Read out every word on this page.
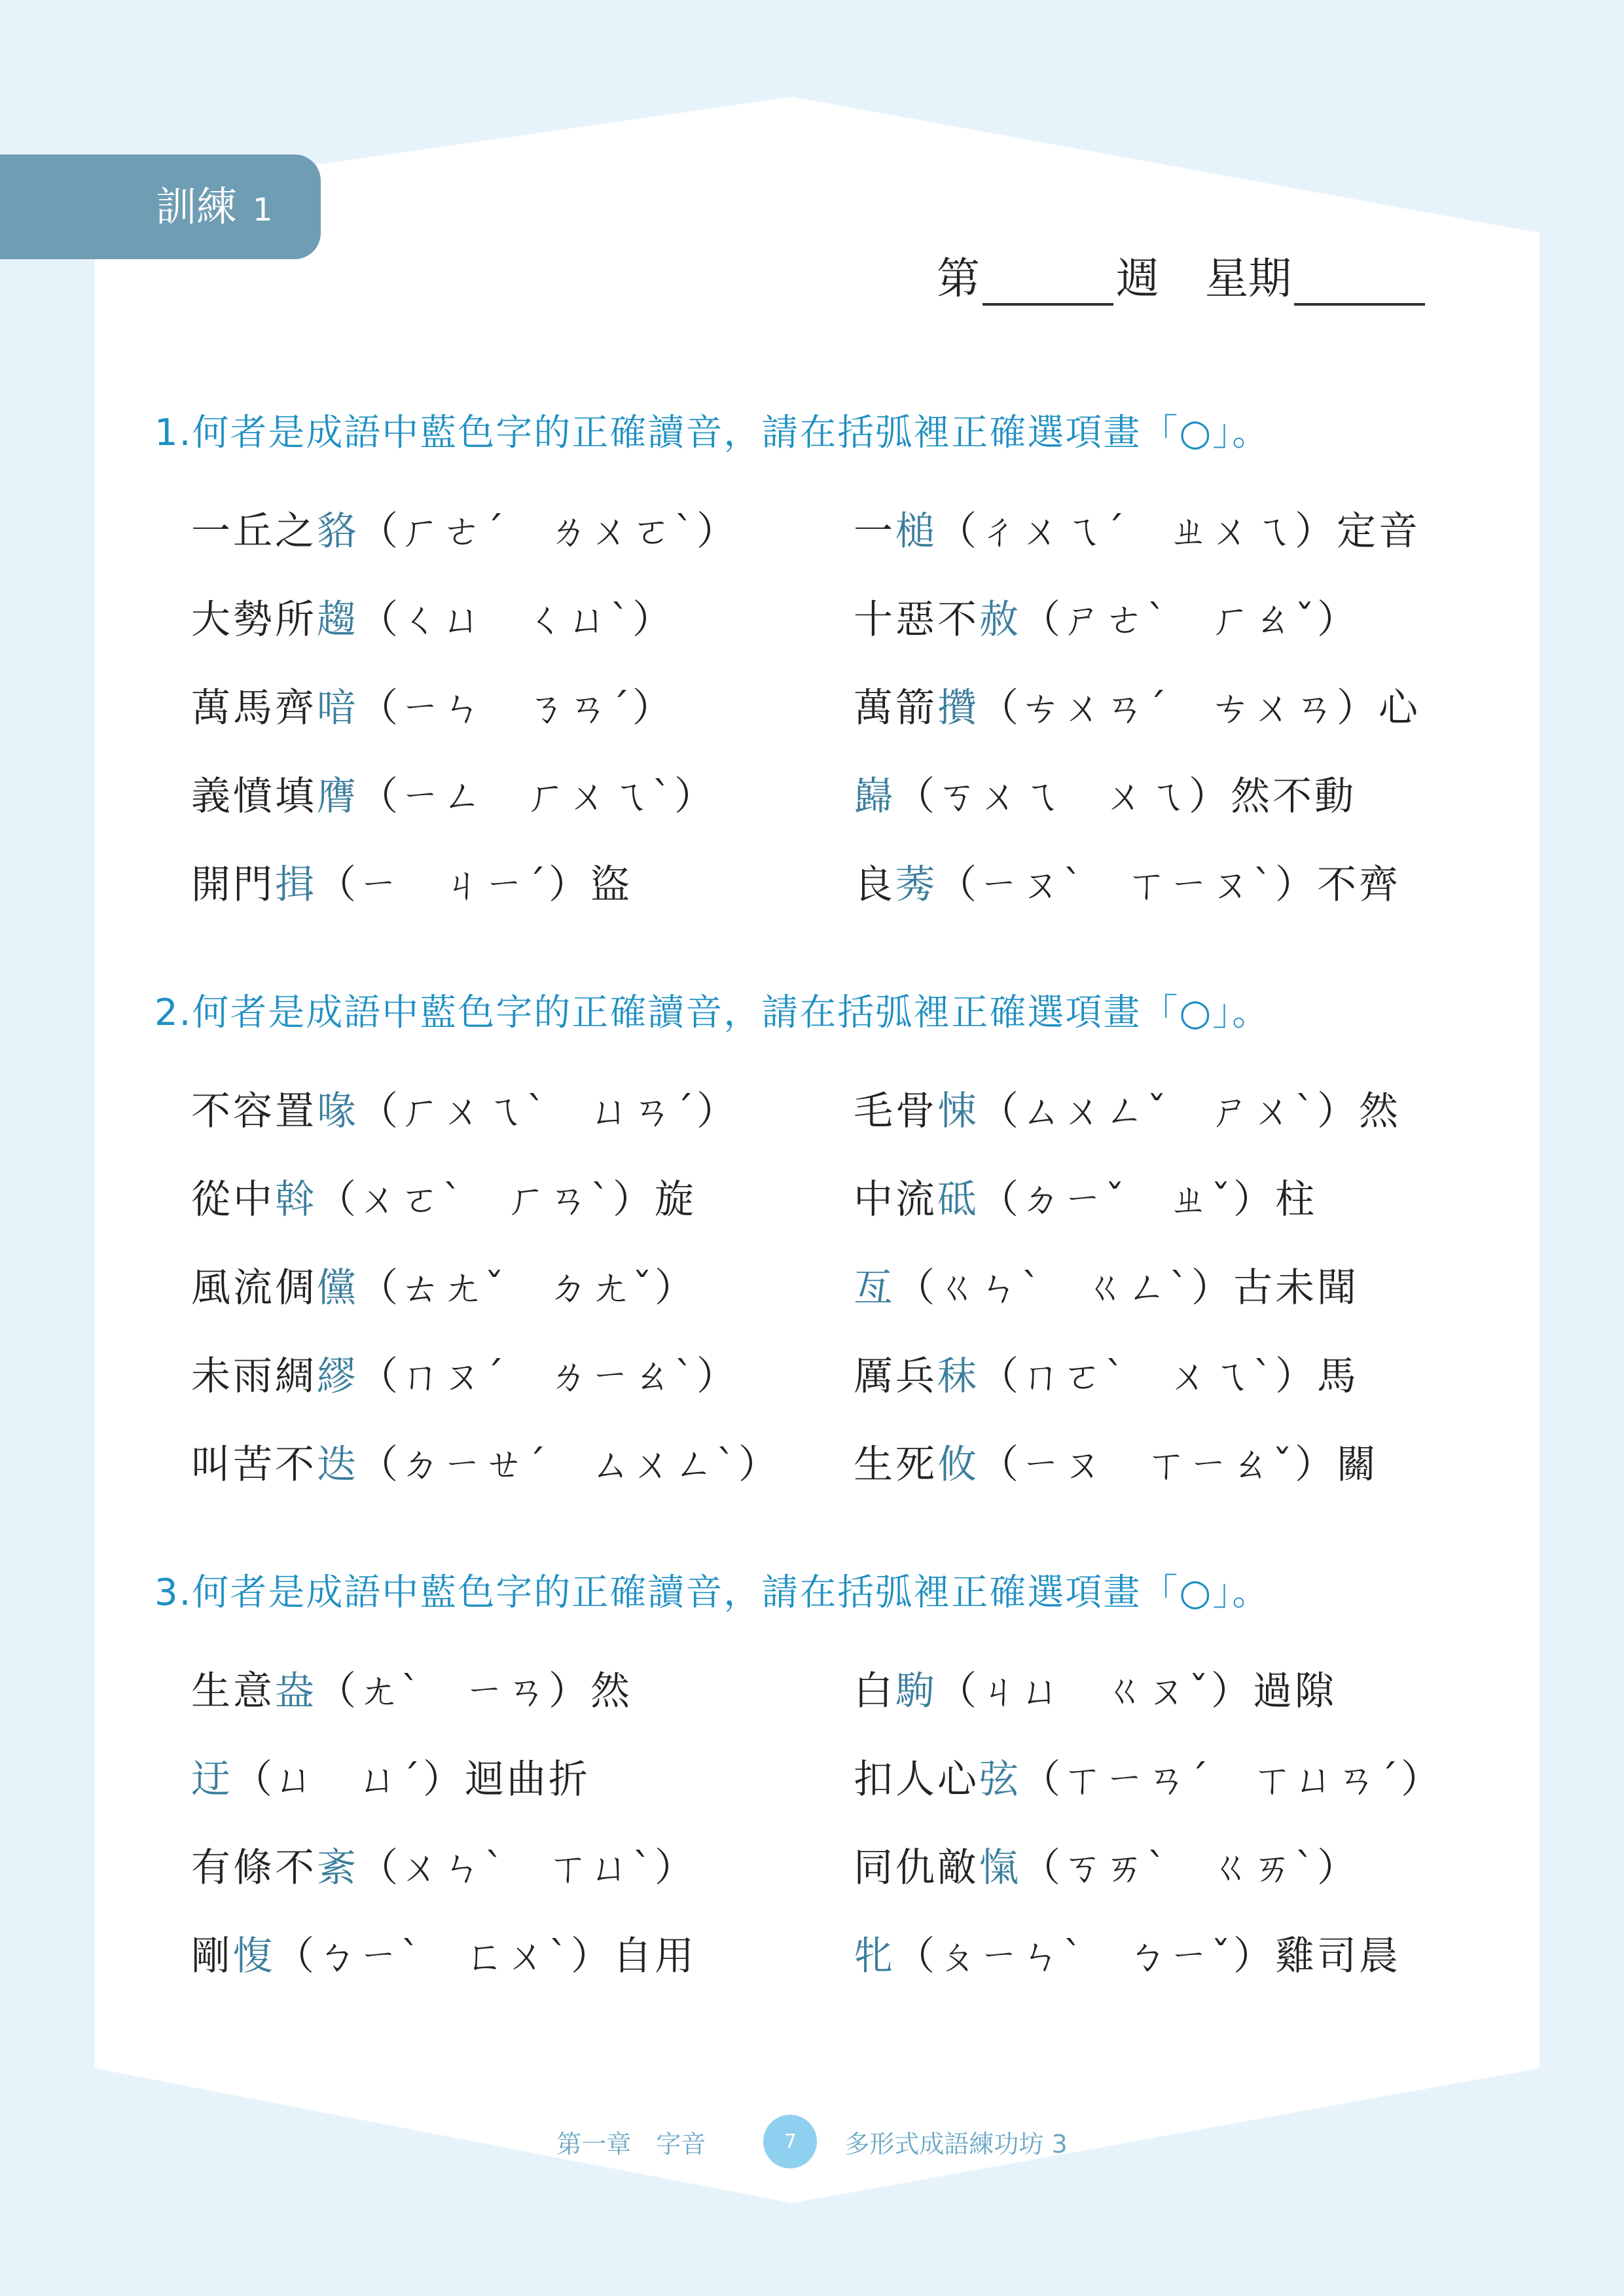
訓練 1
第	週 星期
1.何者是成語中藍色字的正確讀音，請在括弧裡正確選項畫「○」。
一丘之貉（ㄏㄜˊ　ㄌㄨㄛˋ）	一槌（ㄔㄨㄟˊ　ㄓㄨㄟ）定音
大勢所趨（ㄑㄩ　ㄑㄩˋ）	十惡不赦（ㄕㄜˋ　ㄏㄠˇ）
萬馬齊喑（ㄧㄣ　ㄋㄢˊ）	萬箭攢（ㄘㄨㄢˊ　ㄘㄨㄢ）心
義憤填膺（ㄧㄥ　ㄏㄨㄟˋ）	巋（ㄎㄨㄟ　ㄨㄟ）然不動
開門揖（ㄧ　ㄐㄧˊ）盜	良莠（ㄧㄡˋ　ㄒㄧㄡˋ）不齊
2.何者是成語中藍色字的正確讀音，請在括弧裡正確選項畫「○」。
不容置喙（ㄏㄨㄟˋ　ㄩㄢˊ）	毛骨悚（ㄙㄨㄥˇ　ㄕㄨˋ）然
從中斡（ㄨㄛˋ　ㄏㄢˋ）旋	中流砥（ㄉㄧˇ　ㄓˇ）柱
風流倜儻（ㄊㄤˇ　ㄉㄤˇ）	亙（ㄍㄣˋ　ㄍㄥˋ）古未聞
未雨綢繆（ㄇㄡˊ　ㄌㄧㄠˋ）	厲兵秣（ㄇㄛˋ　ㄨㄟˋ）馬
叫苦不迭（ㄉㄧㄝˊ　ㄙㄨㄥˋ）	生死攸（ㄧㄡ　ㄒㄧㄠˇ）關
3.何者是成語中藍色字的正確讀音，請在括弧裡正確選項畫「○」。
生意盎（ㄤˋ　ㄧㄢ）然	白駒（ㄐㄩ　ㄍㄡˇ）過隙
迂（ㄩ　ㄩˊ）迴曲折	扣人心弦（ㄒㄧㄢˊ　ㄒㄩㄢˊ）
有條不紊（ㄨㄣˋ　ㄒㄩˋ）	同仇敵愾（ㄎㄞˋ　ㄍㄞˋ）
剛愎（ㄅㄧˋ　ㄈㄨˋ）自用	牝（ㄆㄧㄣˋ　ㄅㄧˇ）雞司晨
第一章　字音	7	多形式成語練功坊 3
